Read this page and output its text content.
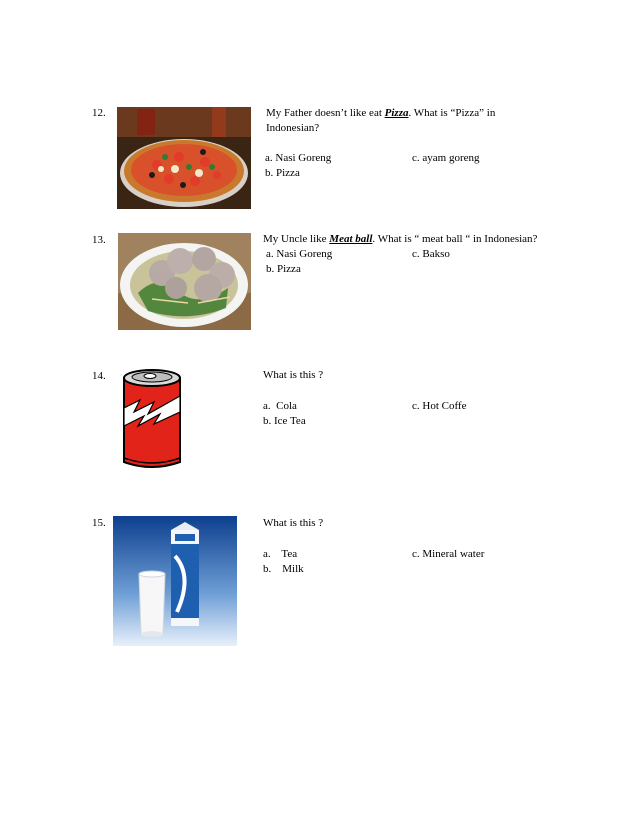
12.	My Father doesn’t like eat Pizza. What is “Pizza” in
Indonesian?
a. Nasi Goreng
b. Pizza
c. ayam goreng
13.	My Uncle like Meat ball. What is “ meat ball “ in Indonesian?
a. Nasi Goreng
b. Pizza
c. Bakso
14.	What is this ?
a.  Cola
b. Ice Tea
c. Hot Coffe
15.	What is this ?
a.    Tea
b.    Milk
c. Mineral water
